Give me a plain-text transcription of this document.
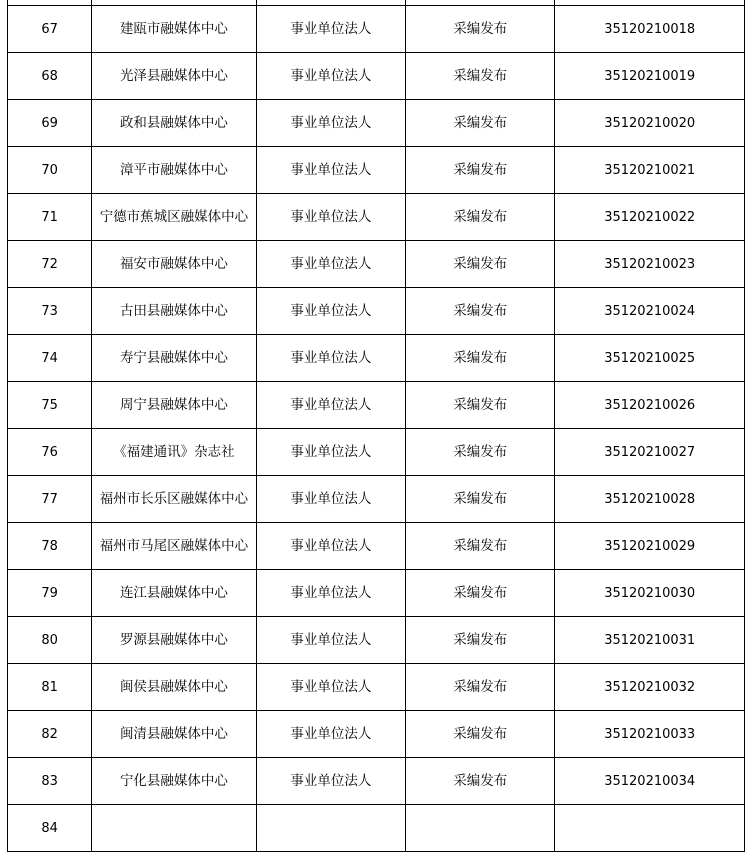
67	建瓯市融媒体中心	事业单位法人	采编发布	35120210018
68	光泽县融媒体中心	事业单位法人	采编发布	35120210019
69	政和县融媒体中心	事业单位法人	采编发布	35120210020
70	漳平市融媒体中心	事业单位法人	采编发布	35120210021
71	宁德市蕉城区融媒体中心	事业单位法人	采编发布	35120210022
72	福安市融媒体中心	事业单位法人	采编发布	35120210023
73	古田县融媒体中心	事业单位法人	采编发布	35120210024
74	寿宁县融媒体中心	事业单位法人	采编发布	35120210025
75	周宁县融媒体中心	事业单位法人	采编发布	35120210026
76	《福建通讯》杂志社	事业单位法人	采编发布	35120210027
77	福州市长乐区融媒体中心	事业单位法人	采编发布	35120210028
78	福州市马尾区融媒体中心	事业单位法人	采编发布	35120210029
79	连江县融媒体中心	事业单位法人	采编发布	35120210030
80	罗源县融媒体中心	事业单位法人	采编发布	35120210031
81	闽侯县融媒体中心	事业单位法人	采编发布	35120210032
82	闽清县融媒体中心	事业单位法人	采编发布	35120210033
83	宁化县融媒体中心	事业单位法人	采编发布	35120210034
84				
